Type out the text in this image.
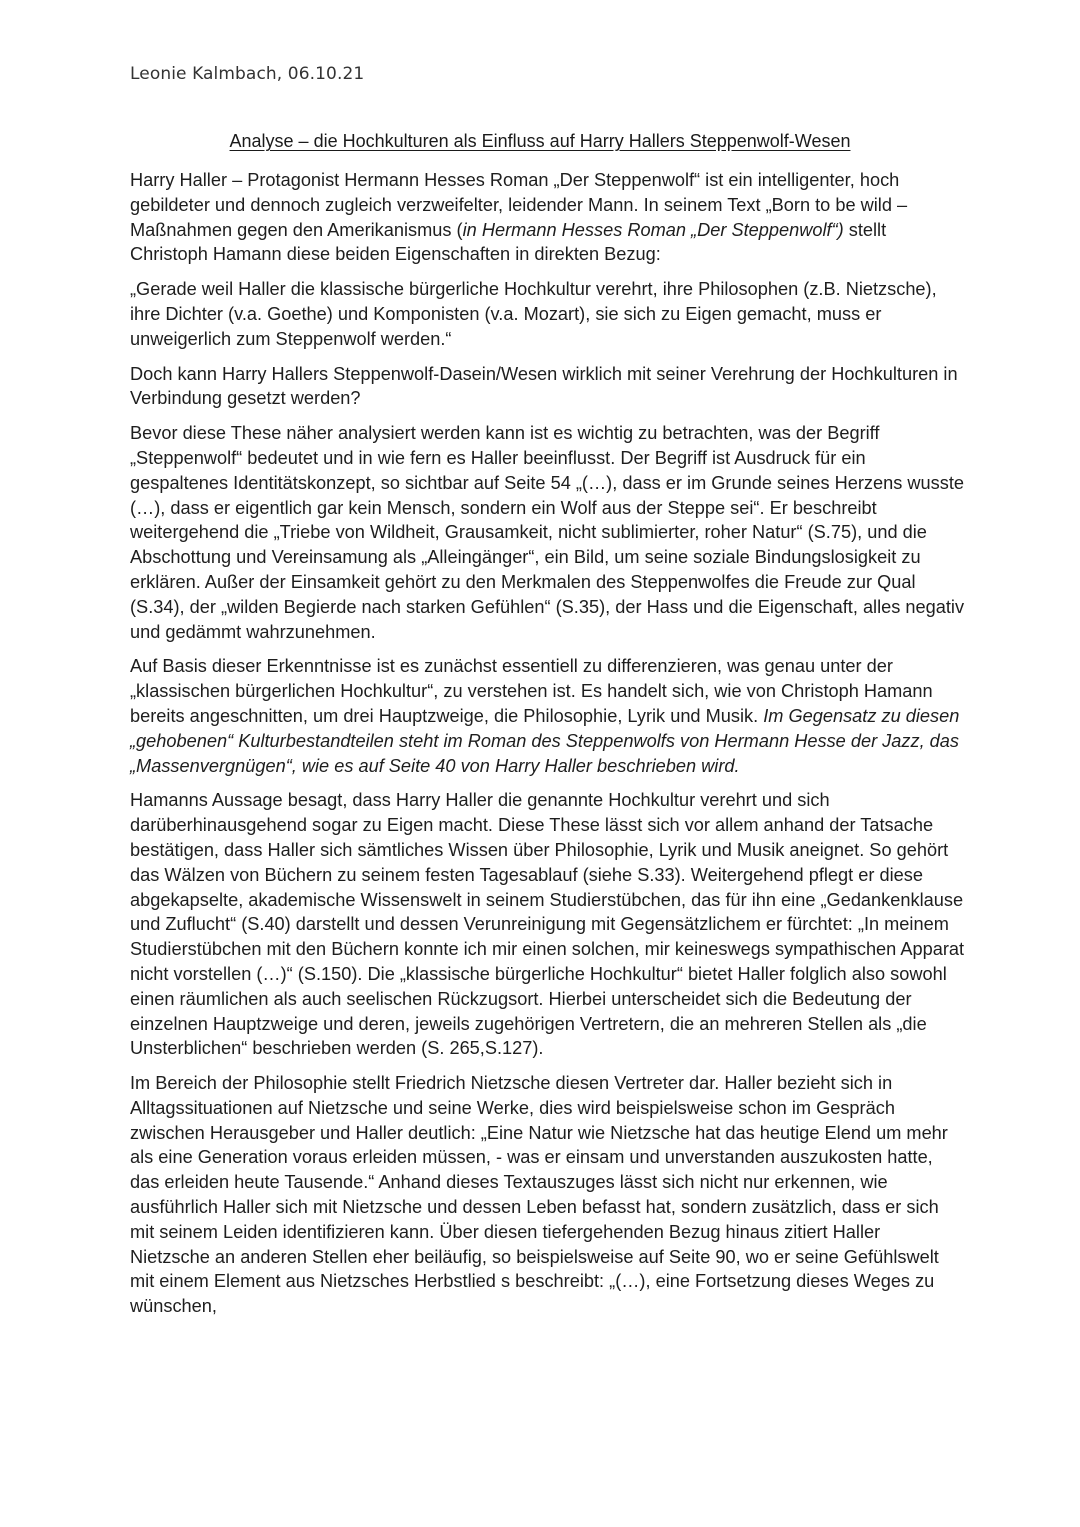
Leonie Kalmbach, 06.10.21
Analyse – die Hochkulturen als Einfluss auf Harry Hallers Steppenwolf-Wesen

Harry Haller – Protagonist Hermann Hesses Roman „Der Steppenwolf“ ist ein intelligenter, hoch gebildeter und dennoch zugleich verzweifelter, leidender Mann. In seinem Text „Born to be wild – Maßnahmen gegen den Amerikanismus (in Hermann Hesses Roman „Der Steppenwolf“) stellt Christoph Hamann diese beiden Eigenschaften in direkten Bezug:

„Gerade weil Haller die klassische bürgerliche Hochkultur verehrt, ihre Philosophen (z.B. Nietzsche), ihre Dichter (v.a. Goethe) und Komponisten (v.a. Mozart), sie sich zu Eigen gemacht, muss er unweigerlich zum Steppenwolf werden.“

Doch kann Harry Hallers Steppenwolf-Dasein/Wesen wirklich mit seiner Verehrung der Hochkulturen in Verbindung gesetzt werden?

Bevor diese These näher analysiert werden kann ist es wichtig zu betrachten, was der Begriff „Steppenwolf“ bedeutet und in wie fern es Haller beeinflusst. Der Begriff ist Ausdruck für ein gespaltenes Identitätskonzept, so sichtbar auf Seite 54 „(…), dass er im Grunde seines Herzens wusste (…), dass er eigentlich gar kein Mensch, sondern ein Wolf aus der Steppe sei“. Er beschreibt weitergehend die „Triebe von Wildheit, Grausamkeit, nicht sublimierter, roher Natur“ (S.75), und die Abschottung und Vereinsamung als „Alleingänger“, ein Bild, um seine soziale Bindungslosigkeit zu erklären. Außer der Einsamkeit gehört zu den Merkmalen des Steppenwolfes die Freude zur Qual (S.34), der „wilden Begierde nach starken Gefühlen“ (S.35), der Hass und die Eigenschaft, alles negativ und gedämmt wahrzunehmen.

Auf Basis dieser Erkenntnisse ist es zunächst essentiell zu differenzieren, was genau unter der „klassischen bürgerlichen Hochkultur“, zu verstehen ist. Es handelt sich, wie von Christoph Hamann bereits angeschnitten, um drei Hauptzweige, die Philosophie, Lyrik und Musik. Im Gegensatz zu diesen „gehobenen“ Kulturbestandteilen steht im Roman des Steppenwolfs von Hermann Hesse der Jazz, das „Massenvergnügen“, wie es auf Seite 40 von Harry Haller beschrieben wird.

Hamanns Aussage besagt, dass Harry Haller die genannte Hochkultur verehrt und sich darüberhinausgehend sogar zu Eigen macht. Diese These lässt sich vor allem anhand der Tatsache bestätigen, dass Haller sich sämtliches Wissen über Philosophie, Lyrik und Musik aneignet. So gehört das Wälzen von Büchern zu seinem festen Tagesablauf (siehe S.33). Weitergehend pflegt er diese abgekapselte, akademische Wissenswelt in seinem Studierstübchen, das für ihn eine „Gedankenklause und Zuflucht“ (S.40) darstellt und dessen Verunreinigung mit Gegensätzlichem er fürchtet: „In meinem Studierstübchen mit den Büchern konnte ich mir einen solchen, mir keineswegs sympathischen Apparat nicht vorstellen (…)“ (S.150). Die „klassische bürgerliche Hochkultur“ bietet Haller folglich also sowohl einen räumlichen als auch seelischen Rückzugsort. Hierbei unterscheidet sich die Bedeutung der einzelnen Hauptzweige und deren, jeweils zugehörigen Vertretern, die an mehreren Stellen als „die Unsterblichen“ beschrieben werden (S. 265,S.127).

Im Bereich der Philosophie stellt Friedrich Nietzsche diesen Vertreter dar. Haller bezieht sich in Alltagssituationen auf Nietzsche und seine Werke, dies wird beispielsweise schon im Gespräch zwischen Herausgeber und Haller deutlich: „Eine Natur wie Nietzsche hat das heutige Elend um mehr als eine Generation voraus erleiden müssen, - was er einsam und unverstanden auszukosten hatte, das erleiden heute Tausende.“ Anhand dieses Textauszuges lässt sich nicht nur erkennen, wie ausführlich Haller sich mit Nietzsche und dessen Leben befasst hat, sondern zusätzlich, dass er sich mit seinem Leiden identifizieren kann. Über diesen tiefergehenden Bezug hinaus zitiert Haller Nietzsche an anderen Stellen eher beiläufig, so beispielsweise auf Seite 90, wo er seine Gefühlswelt mit einem Element aus Nietzsches Herbstlied s beschreibt: „(…), eine Fortsetzung dieses Weges zu wünschen,
